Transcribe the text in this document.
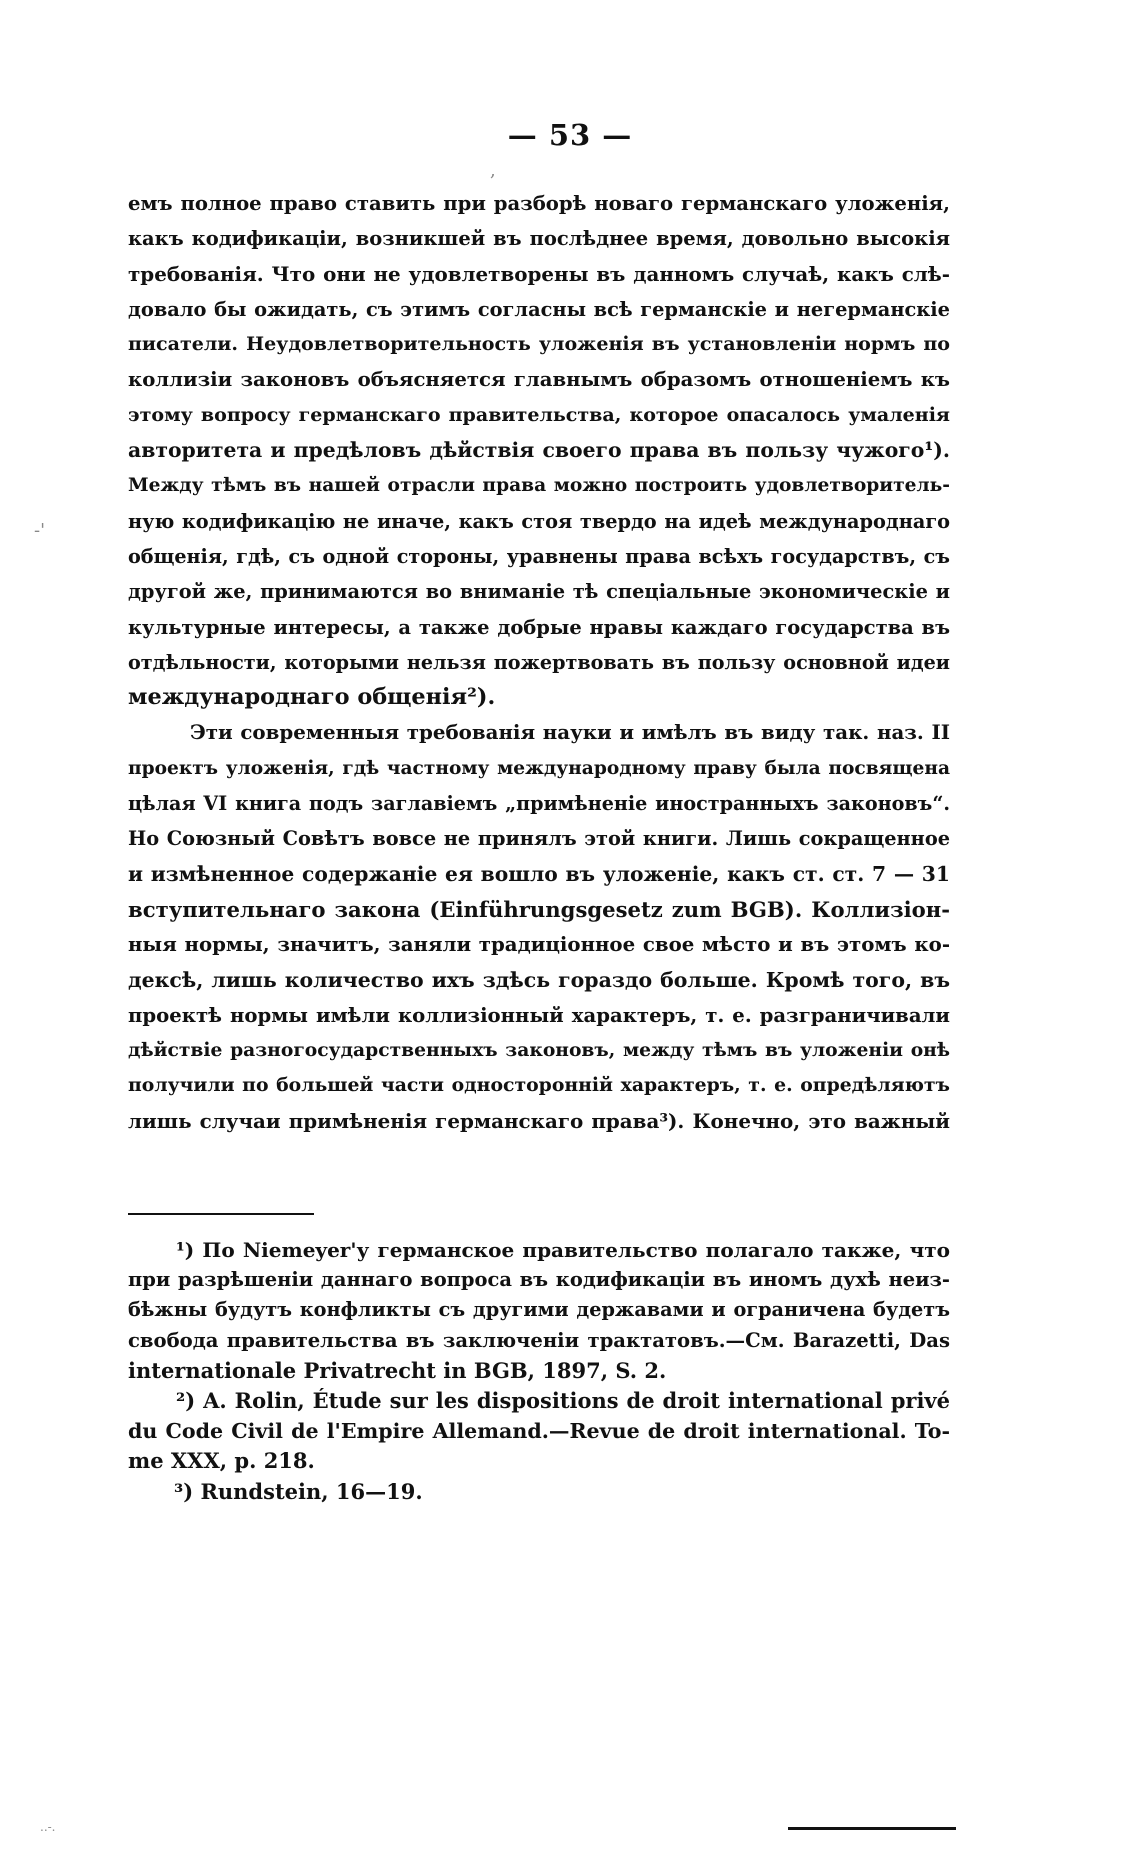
— 53 —
,
-'
..-.
емъ полное право ставить при разборѣ новаго германскаго уложенія,
какъ кодификаціи, возникшей въ послѣднее время, довольно высокія
требованія. Что они не удовлетворены въ данномъ случаѣ, какъ слѣ-
довало бы ожидать, съ этимъ согласны всѣ германскіе и негерманскіе
писатели. Неудовлетворительность уложенія въ установленіи нормъ по
коллизіи законовъ объясняется главнымъ образомъ отношеніемъ къ
этому вопросу германскаго правительства, которое опасалось умаленія
авторитета и предѣловъ дѣйствія своего права въ пользу чужого¹).
Между тѣмъ въ нашей отрасли права можно построить удовлетворитель-
ную кодификацію не иначе, какъ стоя твердо на идеѣ международнаго
общенія, гдѣ, съ одной стороны, уравнены права всѣхъ государствъ, съ
другой же, принимаются во вниманіе тѣ спеціальные экономическіе и
культурные интересы, а также добрые нравы каждаго государства въ
отдѣльности, которыми нельзя пожертвовать въ пользу основной идеи
международнаго общенія²).
Эти современныя требованія науки и имѣлъ въ виду так. наз. II
проектъ уложенія, гдѣ частному международному праву была посвящена
цѣлая VI книга подъ заглавіемъ „примѣненіе иностранныхъ законовъ“.
Но Союзный Совѣтъ вовсе не принялъ этой книги. Лишь сокращенное
и измѣненное содержаніе ея вошло въ уложеніе, какъ ст. ст. 7 — 31
вступительнаго закона (Einführungsgesetz zum BGB). Коллизіон-
ныя нормы, значитъ, заняли традиціонное свое мѣсто и въ этомъ ко-
дексѣ, лишь количество ихъ здѣсь гораздо больше. Кромѣ того, въ
проектѣ нормы имѣли коллизіонный характеръ, т. е. разграничивали
дѣйствіе разногосударственныхъ законовъ, между тѣмъ въ уложеніи онѣ
получили по большей части односторонній характеръ, т. е. опредѣляютъ
лишь случаи примѣненія германскаго права³). Конечно, это важный
¹) По Niemeyer'у германское правительство полагало также, что
при разрѣшеніи даннаго вопроса въ кодификаціи въ иномъ духѣ неиз-
бѣжны будутъ конфликты съ другими державами и ограничена будетъ
свобода правительства въ заключеніи трактатовъ.—См. Barazetti, Das
internationale Privatrecht in BGB, 1897, S. 2.
²) A. Rolin, Étude sur les dispositions de droit international privé
du Code Civil de l'Empire Allemand.—Revue de droit international. To-
me XXX, p. 218.
³) Rundstein, 16—19.
